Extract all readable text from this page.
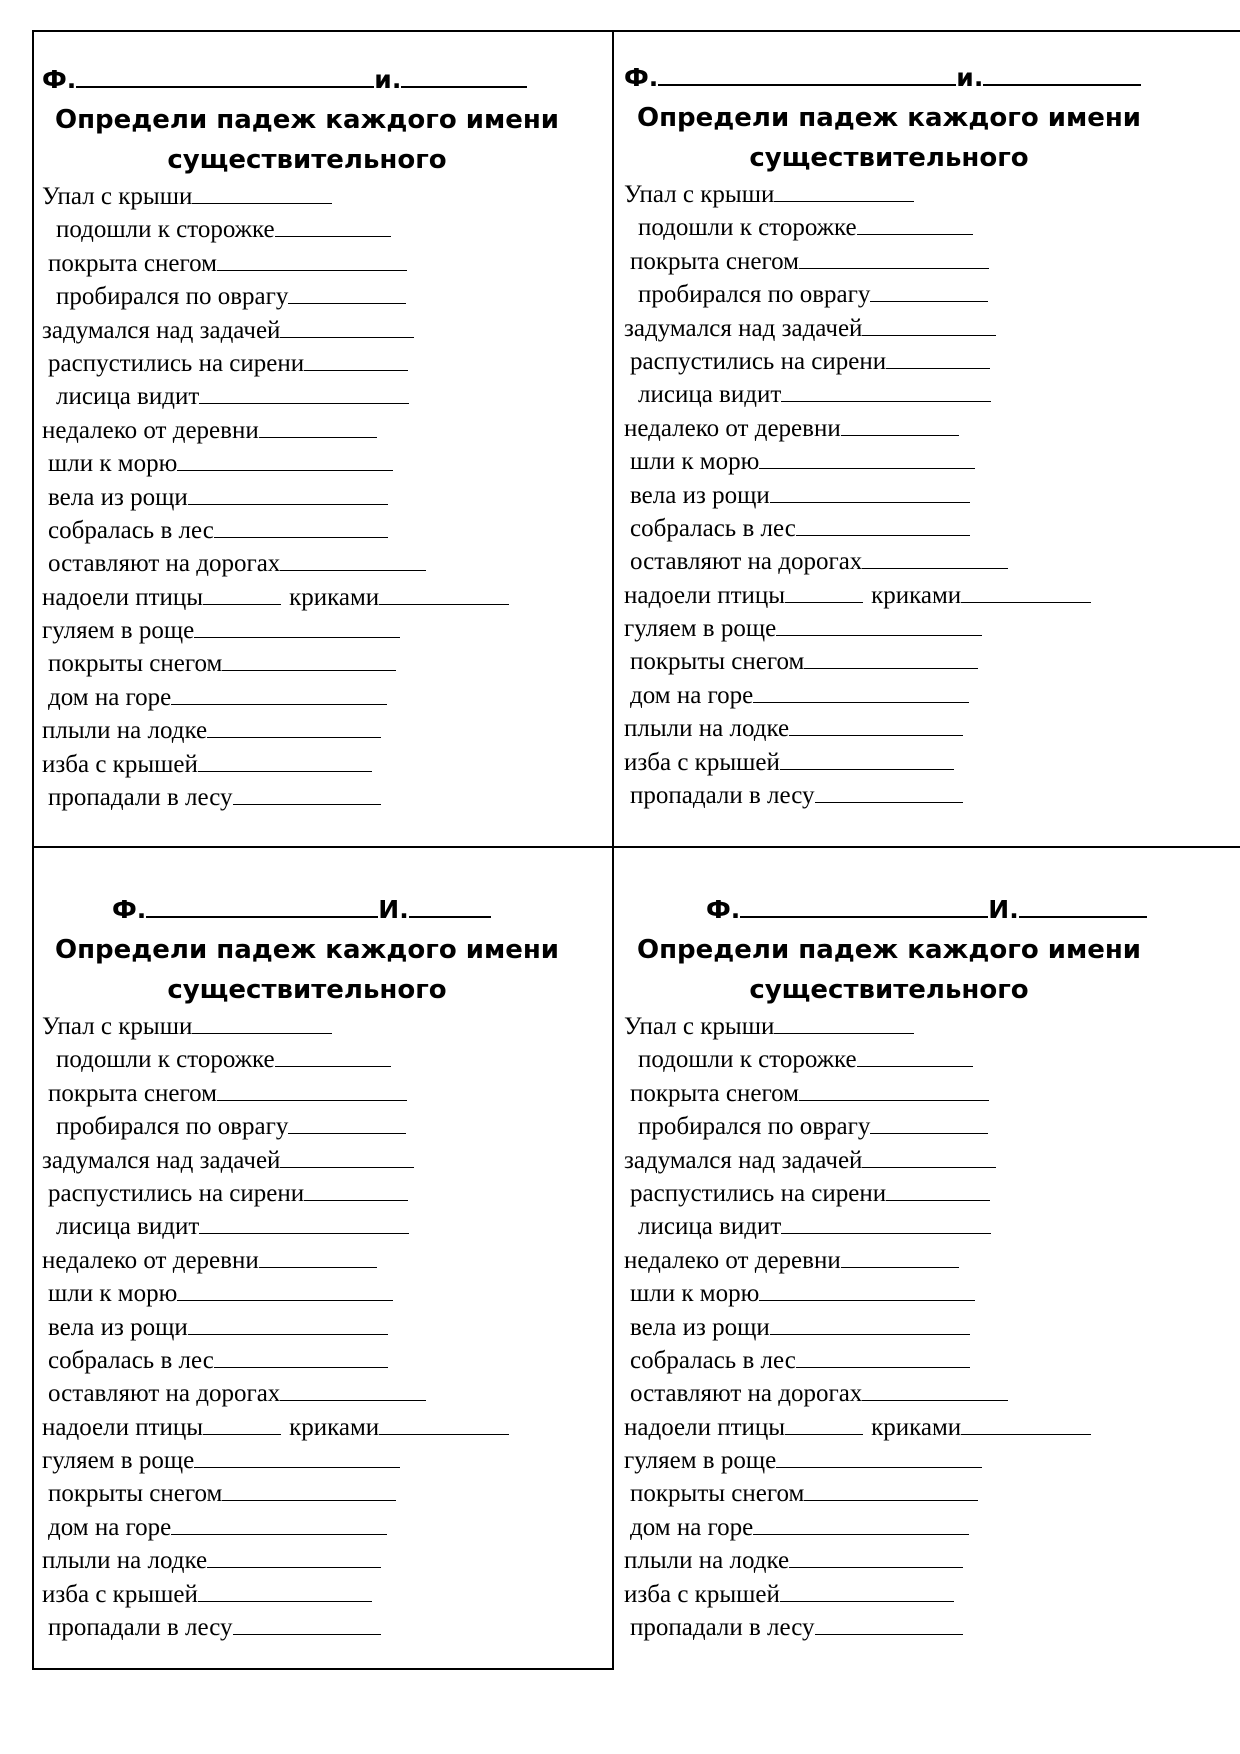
Ф.	и.
Определи падеж каждого имени
существительного
Упал с крыши
подошли к сторожке
покрыта снегом
пробирался по оврагу
задумался над задачей
распустились на сирени
лисица видит
недалеко от деревни
шли к морю
вела из рощи
собралась в лес
оставляют на дорогах
надоели птицы	криками
гуляем в роще
покрыты снегом
дом на горе
плыли на лодке
изба с крышей
пропадали в лесу
Ф.	и.
Определи падеж каждого имени
существительного
Упал с крыши
подошли к сторожке
покрыта снегом
пробирался по оврагу
задумался над задачей
распустились на сирени
лисица видит
недалеко от деревни
шли к морю
вела из рощи
собралась в лес
оставляют на дорогах
надоели птицы	криками
гуляем в роще
покрыты снегом
дом на горе
плыли на лодке
изба с крышей
пропадали в лесу
Ф.	И.
Определи падеж каждого имени
существительного
Упал с крыши
подошли к сторожке
покрыта снегом
пробирался по оврагу
задумался над задачей
распустились на сирени
лисица видит
недалеко от деревни
шли к морю
вела из рощи
собралась в лес
оставляют на дорогах
надоели птицы	криками
гуляем в роще
покрыты снегом
дом на горе
плыли на лодке
изба с крышей
пропадали в лесу
Ф.	И.
Определи падеж каждого имени
существительного
Упал с крыши
подошли к сторожке
покрыта снегом
пробирался по оврагу
задумался над задачей
распустились на сирени
лисица видит
недалеко от деревни
шли к морю
вела из рощи
собралась в лес
оставляют на дорогах
надоели птицы	криками
гуляем в роще
покрыты снегом
дом на горе
плыли на лодке
изба с крышей
пропадали в лесу
